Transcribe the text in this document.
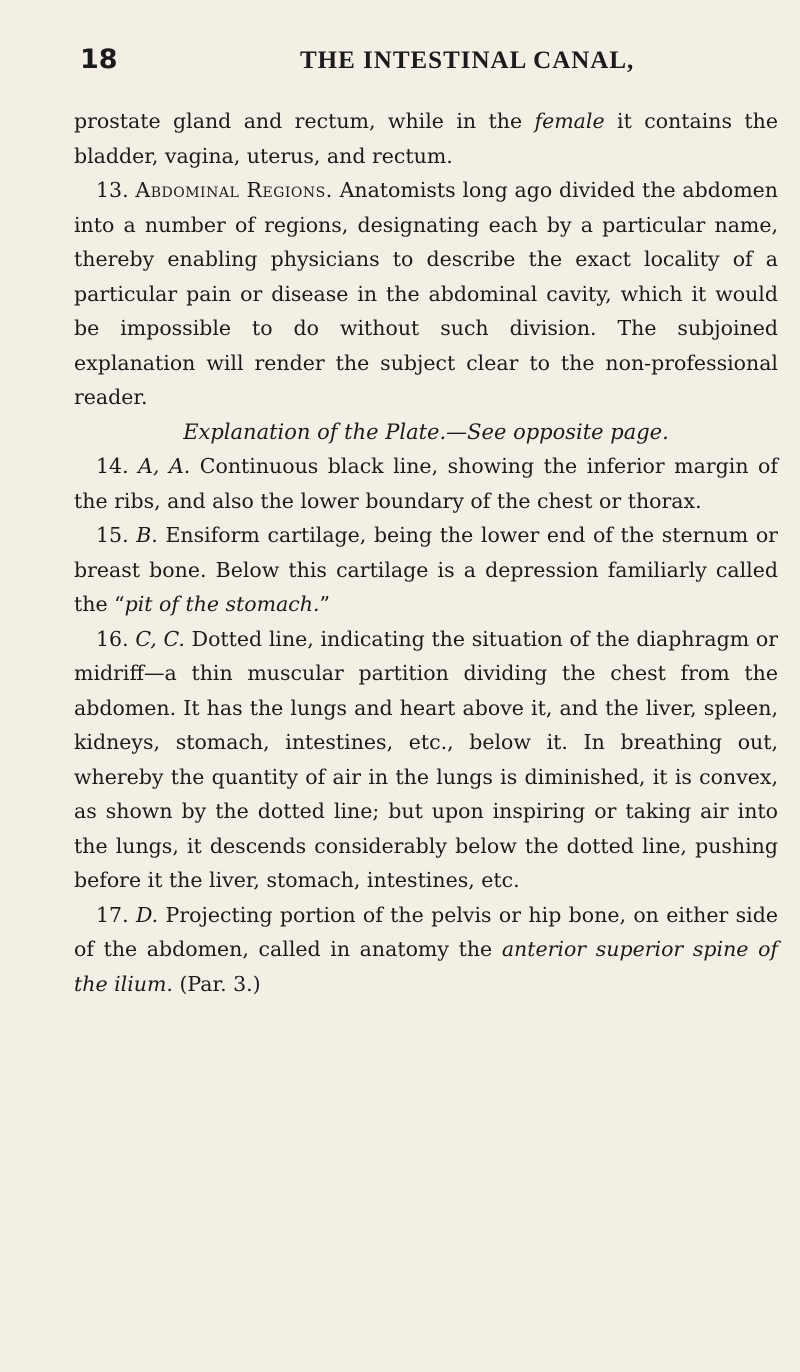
18	THE INTESTINAL CANAL,

prostate gland and rectum, while in the female it contains the bladder, vagina, uterus, and rectum.

13. Abdominal Regions. Anatomists long ago divided the abdomen into a number of regions, designating each by a particular name, thereby enabling physicians to describe the exact locality of a particular pain or disease in the abdominal cavity, which it would be impossible to do without such division. The subjoined explanation will render the subject clear to the non-professional reader.

Explanation of the Plate.—See opposite page.

14. A, A. Continuous black line, showing the inferior margin of the ribs, and also the lower boundary of the chest or thorax.

15. B. Ensiform cartilage, being the lower end of the sternum or breast bone. Below this cartilage is a depression familiarly called the “pit of the stomach.”

16. C, C. Dotted line, indicating the situation of the diaphragm or midriff—a thin muscular partition dividing the chest from the abdomen. It has the lungs and heart above it, and the liver, spleen, kidneys, stomach, intestines, etc., below it. In breathing out, whereby the quantity of air in the lungs is diminished, it is convex, as shown by the dotted line; but upon inspiring or taking air into the lungs, it descends considerably below the dotted line, pushing before it the liver, stomach, intestines, etc.

17. D. Projecting portion of the pelvis or hip bone, on either side of the abdomen, called in anatomy the anterior superior spine of the ilium. (Par. 3.)
